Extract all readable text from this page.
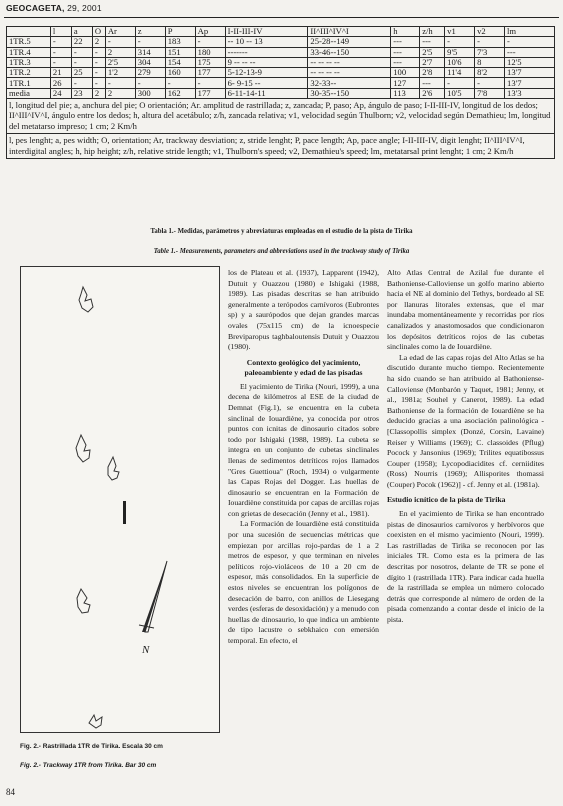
GEOCAGETA, 29, 2001
	l	a	O	Ar	z	P	Ap	I-II-III-IV	II^III^IV^I	h	z/h	v1	v2	lm
1TR.5	-	22	2	-	-	183	-	-- 10 -- 13	25-28--149	---	---	-	-	-
1TR.4	-	-	-	2	314	151	180	-------	33-46--150	---	2'5	9'5	7'3	---
1TR.3	-	-	-	2'5	304	154	175	9 -- -- --	-- -- -- --	---	2'7	10'6	8	12'5
1TR.2	21	25	-	1'2	279	160	177	5-12-13-9	-- -- -- --	100	2'8	11'4	8'2	13'7
1TR.1	26	-	-	-	-	-	-	6- 9-15 --	32-33--	127	---	-	-	13'7
media	24	23	2	2	300	162	177	6-11-14-11	30-35--150	113	2'6	10'5	7'8	13'3
l, longitud del pie; a, anchura del pie; O orientación; Ar. amplitud de rastrillada; z, zancada; P, paso; Ap, ángulo de paso; I-II-III-IV, longitud de los dedos; II^III^IV^I, ángulo entre los dedos; h, altura del acetábulo; z/h, zancada relativa; v1, velocidad según Thulborn; v2, velocidad según Demathieu; lm, longitud del metatarso impreso; 1 cm; 2 Km/h														
l, pes lenght; a, pes width; O, orientation; Ar, trackway desviation; z, stride lenght; P, pace length; Ap, pace angle; I-II-III-IV, digit lenght; II^III^IV^I, interdigital angles; h, hip height; z/h, relative stride length; v1, Thulborn's speed; v2, Demathieu's speed; lm, metatarsal print lenght; 1 cm; 2 Km/h														
Tabla 1.- Medidas, parámetros y abreviaturas empleadas en el estudio de la pista de Tirika
Table 1.- Measurements, parameters and abbreviations used in the trackway study of Tirika
N
Fig. 2.- Rastrillada 1TR de Tirika. Escala 30 cm
Fig. 2.- Trackway 1TR from Tirika. Bar 30 cm

los de Plateau et al. (1937), Lapparent (1942), Dutuit y Ouazzou (1980) e Ishigaki (1988, 1989). Las pisadas descritas se han atribuido generalmente a terópodos carnívoros (Eubrontes sp) y a saurópodos que dejan grandes marcas ovales (75x115 cm) de la icnoespecie Breviparopus taghbaloutensis Dutuit y Ouazzou (1980).

Contexto geológico del yacimiento, paleoambiente y edad de las pisadas

El yacimiento de Tirika (Nouri, 1999), a una decena de kilómetros al ESE de la ciudad de Demnat (Fig.1), se encuentra en la cubeta sinclinal de Iouardiène, ya conocida por otros puntos con icnitas de dinosaurio citados sobre todo por Ishigaki (1988, 1989). La cubeta se integra en un conjunto de cubetas sinclinales llenas de sedimentos detríticos rojos llamados "Gres Guettioua" (Roch, 1934) o vulgarmente las Capas Rojas del Dogger. Las huellas de dinosaurio se encuentran en la Formación de Iouardiène constituida por capas de arcillas rojas con grietas de desecación (Jenny et al., 1981).

La Formación de Iouardiène está constituida por una sucesión de secuencias métricas que empiezan por arcillas rojo-pardas de 1 a 2 metros de espesor, y que terminan en niveles pelíticos rojo-violáceos de 10 a 20 cm de espesor, más consolidados. En la superficie de estos niveles se encuentran los polígonos de desecación de barro, con anillos de Liesegang verdes (esferas de desoxidación) y a menudo con huellas de dinosaurio, lo que indica un ambiente de tipo lacustre o sebkhaico con emersión temporal. En efecto, el

Alto Atlas Central de Azilal fue durante el Bathoniense-Calloviense un golfo marino abierto hacia el NE al dominio del Tethys, bordeado al SE por llanuras litorales extensas, que el mar inundaba momentáneamente y recorridas por ríos canalizados y anastomosados que condicionaron los depósitos detríticos rojos de las cubetas sinclinales como la de Iouardiène.

La edad de las capas rojas del Alto Atlas se ha discutido durante mucho tiempo. Recientemente ha sido cuando se han atribuido al Bathoniense-Calloviense (Monbarón y Taquet, 1981; Jenny, et al., 1981a; Souhel y Canerot, 1989). La edad Bathoniense de la formación de Iouardiène se ha deducido gracias a una asociación palinológica - [Classopollis simplex (Donzé, Corsin, Lavaine) Reiser y Williams (1969); C. classoides (Pflug) Pocock y Jansonius (1969); Trilites equatibossus Couper (1958); Lycopodiacidites cf. cerniidites (Ross) Nourris (1969); Allisporites thomassi (Couper) Pocok (1962)] - cf. Jenny et al. (1981a).

Estudio icnítico de la pista de Tirika

En el yacimiento de Tirika se han encontrado pistas de dinosaurios carnívoros y herbívoros que coexisten en el mismo yacimiento (Nouri, 1999). Las rastrilladas de Tirika se reconocen por las iniciales TR. Como esta es la primera de las descritas por nosotros, delante de TR se pone el dígito 1 (rastrillada 1TR). Para indicar cada huella de la rastrillada se emplea un número colocado detrás que corresponde al número de orden de la pisada comenzando a contar desde el inicio de la pista.

84
